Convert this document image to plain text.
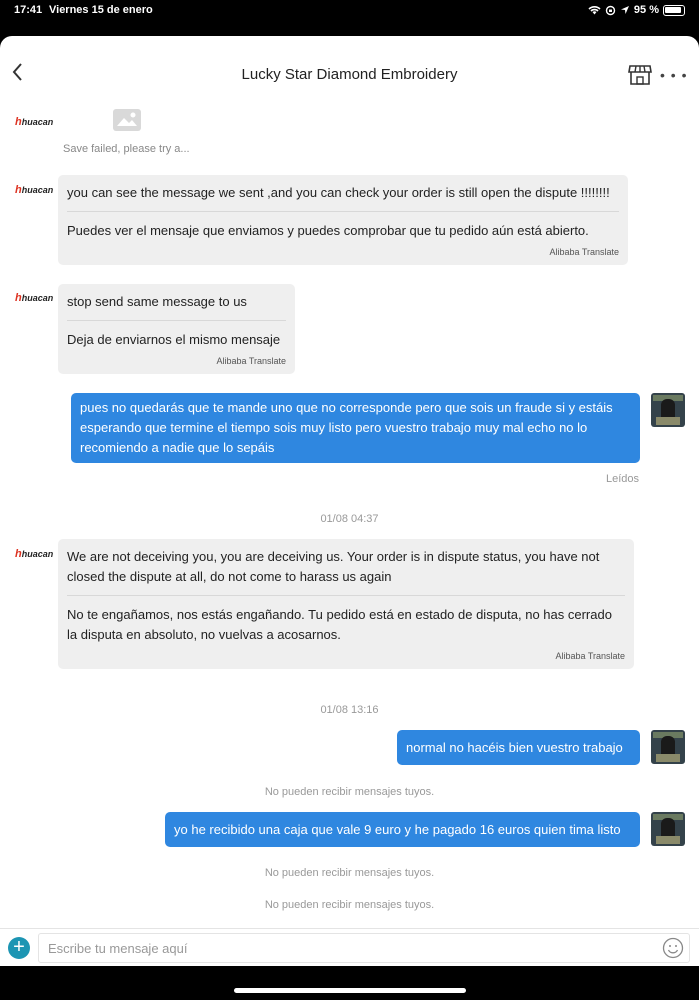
17:41 Viernes 15 de enero	95 %
Lucky Star Diamond Embroidery	• • •
hhuacan
Save failed, please try a...
hhuacan you can see the message we sent ,and you can check your order is still open the dispute !!!!!!!!
Puedes ver el mensaje que enviamos y puedes comprobar que tu pedido aún está abierto.
Alibaba Translate
hhuacan stop send same message to us
Deja de enviarnos el mismo mensaje
Alibaba Translate
pues no quedarás que te mande uno que no corresponde pero que sois un fraude si y estáis esperando que termine el tiempo sois muy listo pero vuestro trabajo muy mal echo no lo recomiendo a nadie que lo sepáis
Leídos
01/08 04:37
hhuacan We are not deceiving you, you are deceiving us. Your order is in dispute status, you have not closed the dispute at all, do not come to harass us again
No te engañamos, nos estás engañando. Tu pedido está en estado de disputa, no has cerrado la disputa en absoluto, no vuelvas a acosarnos.
Alibaba Translate
01/08 13:16
normal no hacéis bien vuestro trabajo
No pueden recibir mensajes tuyos.
yo he recibido una caja que vale 9 euro y he pagado 16 euros quien tima listo
No pueden recibir mensajes tuyos.
No pueden recibir mensajes tuyos.
+	Escribe tu mensaje aquí
